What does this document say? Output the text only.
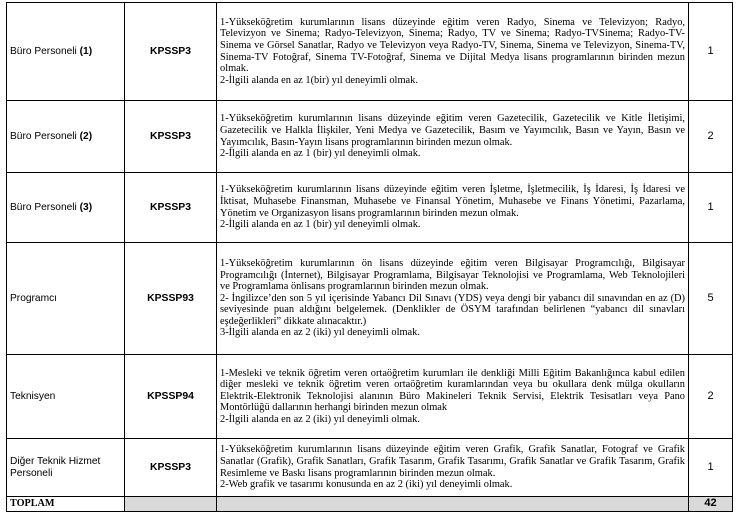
Büro Personeli (1)	KPSSP3	1-Yükseköğretim kurumlarının lisans düzeyinde eğitim veren Radyo, Sinema ve Televizyon; Radyo, Televizyon ve Sinema; Radyo-Televizyon, Sinema; Radyo, TV ve Sinema; Radyo-TVSinema; Radyo-TV-Sinema ve Görsel Sanatlar, Radyo ve Televizyon veya Radyo-TV, Sinema, Sinema ve Televizyon, Sinema-TV, Sinema-TV Fotoğraf, Sinema TV-Fotoğraf, Sinema ve Dijital Medya lisans programlarının birinden mezun olmak.
2-İlgili alanda en az 1(bir) yıl deneyimli olmak.	1
Büro Personeli (2)	KPSSP3	1-Yükseköğretim kurumlarının lisans düzeyinde eğitim veren Gazetecilik, Gazetecilik ve Kitle İletişimi, Gazetecilik ve Halkla İlişkiler, Yeni Medya ve Gazetecilik, Basım ve Yayımcılık, Basın ve Yayın, Basın ve Yayımcılık, Basın-Yayın lisans programlarının birinden mezun olmak.
2-İlgili alanda en az 1 (bir) yıl deneyimli olmak.	2
Büro Personeli (3)	KPSSP3	1-Yükseköğretim kurumlarının lisans düzeyinde eğitim veren İşletme, İşletmecilik, İş İdaresi, İş İdaresi ve İktisat, Muhasebe Finansman, Muhasebe ve Finansal Yönetim, Muhasebe ve Finans Yönetimi, Pazarlama, Yönetim ve Organizasyon lisans programlarının birinden mezun olmak.
2-İlgili alanda en az 1 (bir) yıl deneyimli olmak.	1
Programcı	KPSSP93	1-Yükseköğretim kurumlarının ön lisans düzeyinde eğitim veren Bilgisayar Programcılığı, Bilgisayar Programcılığı (İnternet), Bilgisayar Programlama, Bilgisayar Teknolojisi ve Programlama, Web Teknolojileri ve Programlama önlisans programlarının birinden mezun olmak.
2- İngilizce’den son 5 yıl içerisinde Yabancı Dil Sınavı (YDS) veya dengi bir yabancı dil sınavından en az (D) seviyesinde puan aldığını belgelemek. (Denklikler de ÖSYM tarafından belirlenen “yabancı dil sınavları eşdeğerlikleri” dikkate alınacaktır.)
3-İlgili alanda en az 2 (iki) yıl deneyimli olmak.	5
Teknisyen	KPSSP94	1-Mesleki ve teknik öğretim veren ortaöğretim kurumları ile denkliği Milli Eğitim Bakanlığınca kabul edilen diğer mesleki ve teknik öğretim veren ortaöğretim kuramlarından veya bu okullara denk mülga okulların Elektrik-Elektronik Teknolojisi alanının Büro Makineleri Teknik Servisi, Elektrik Tesisatları veya Pano Montörlüğü dallarının herhangi birinden mezun olmak
2-İlgili alanda en az 2 (iki) yıl deneyimli olmak.	2
Diğer Teknik Hizmet Personeli	KPSSP3	1-Yükseköğretim kurumlarının lisans düzeyinde eğitim veren Grafik, Grafik Sanatlar, Fotograf ve Grafik Sanatlar (Grafik), Grafik Sanatları, Grafik Tasarım, Grafik Tasarımı, Grafik Sanatlar ve Grafik Tasarım, Grafik Resimleme ve Baskı lisans programlarının birinden mezun olmak.
2-Web grafik ve tasarımı konusunda en az 2 (iki) yıl deneyimli olmak.	1
TOPLAM			42
